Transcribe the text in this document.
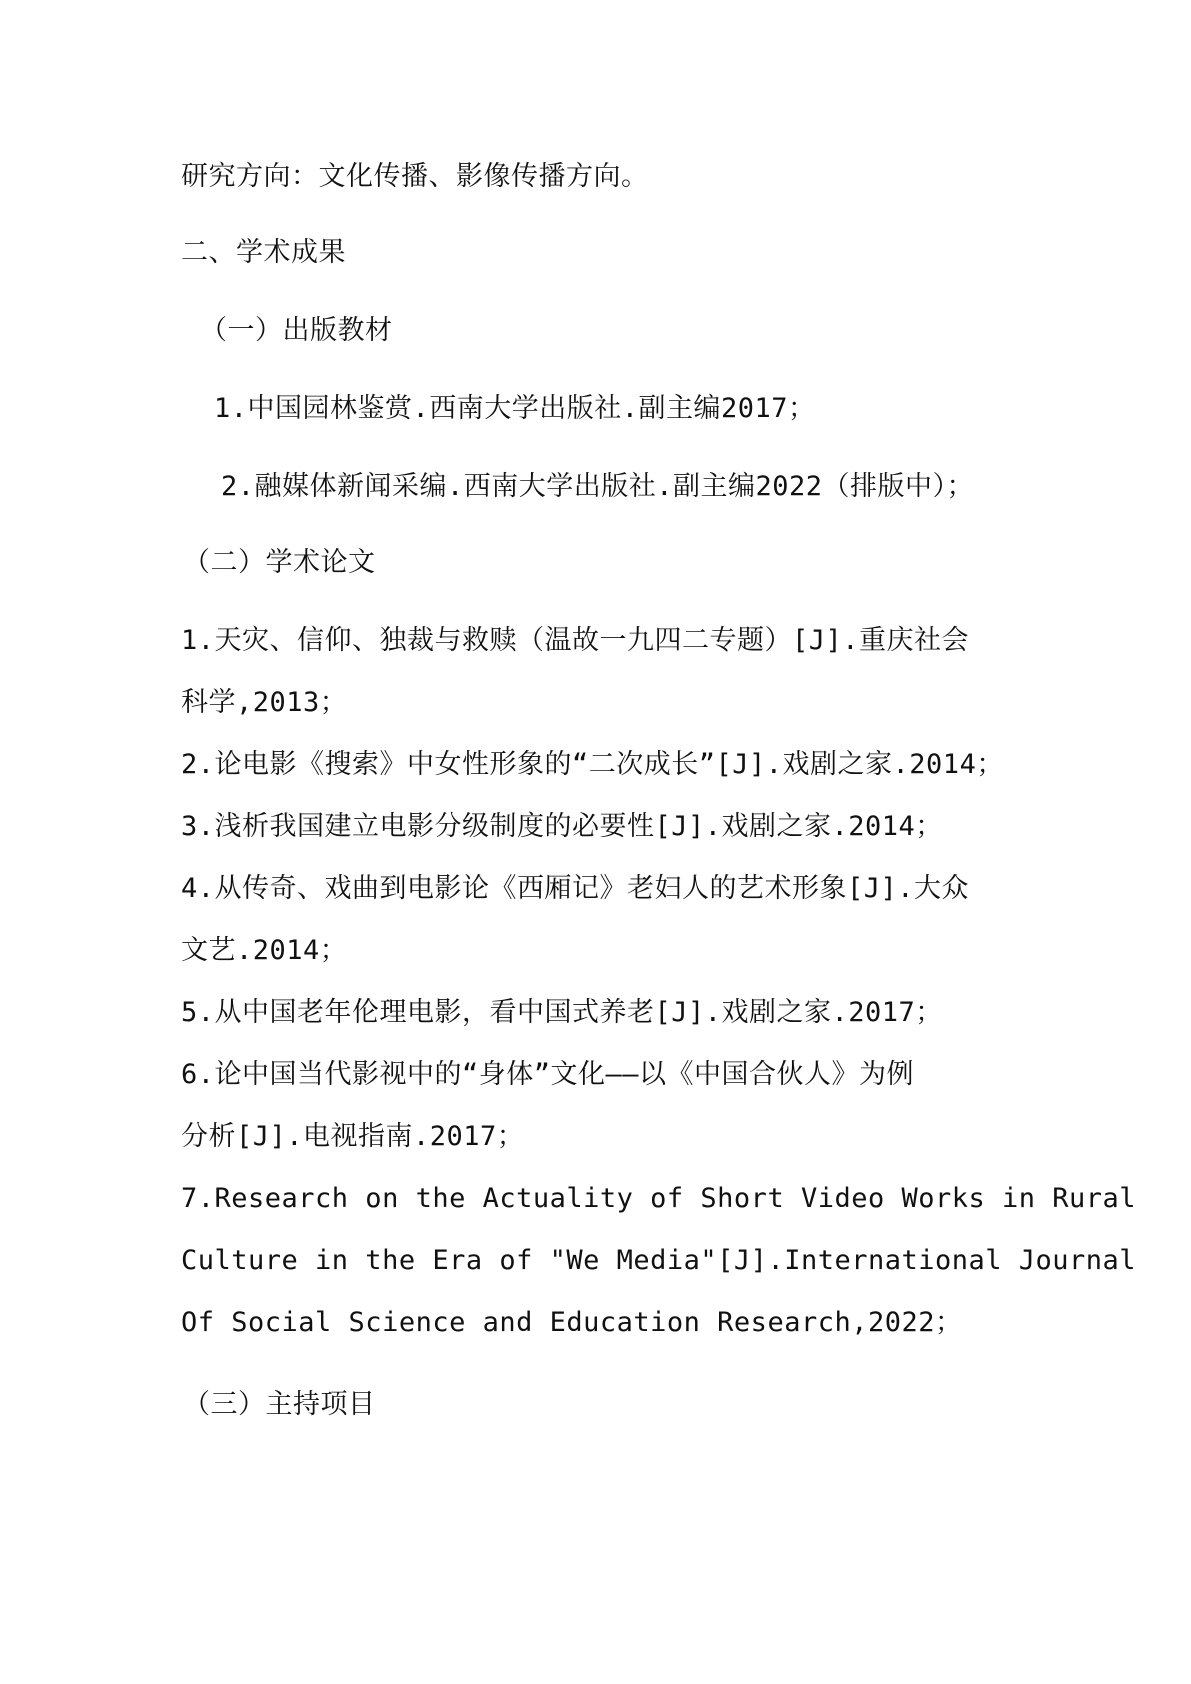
研究方向：文化传播、影像传播方向。
二、学术成果
（一）出版教材
1.中国园林鉴赏.西南大学出版社.副主编2017；
2.融媒体新闻采编.西南大学出版社.副主编2022（排版中）；
（二）学术论文
1.天灾、信仰、独裁与救赎（温故一九四二专题）[J].重庆社会
科学,2013；
2.论电影《搜索》中女性形象的“二次成长”[J].戏剧之家.2014；
3.浅析我国建立电影分级制度的必要性[J].戏剧之家.2014；
4.从传奇、戏曲到电影论《西厢记》老妇人的艺术形象[J].大众
文艺.2014；
5.从中国老年伦理电影，看中国式养老[J].戏剧之家.2017；
6.论中国当代影视中的“身体”文化——以《中国合伙人》为例
分析[J].电视指南.2017；
7.Research on the Actuality of Short Video Works in Rural
Culture in the Era of "We Media"[J].International Journal
Of Social Science and Education Research,2022；
（三）主持项目
